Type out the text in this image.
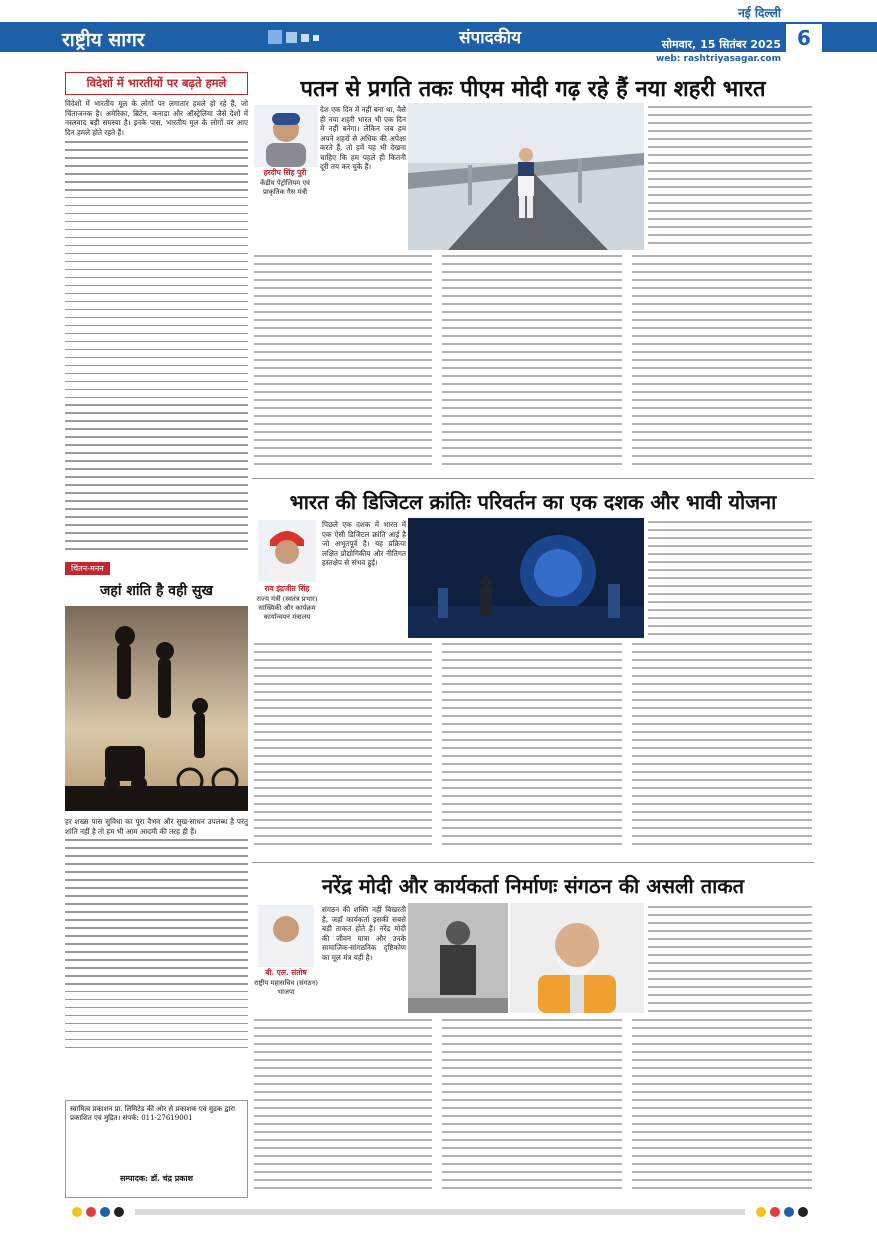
नई दिल्ली
राष्ट्रीय सागर	संपादकीय	सोमवार, 15 सितंबर 2025 6
web: rashtriyasagar.com
विदेशों में भारतीयों पर बढ़ते हमले
विदेशों में भारतीय मूल के लोगों पर लगातार हमले हो रहे हैं, जो चिंताजनक है। अमेरिका, ब्रिटेन, कनाडा और ऑस्ट्रेलिया जैसे देशों में नस्लवाद बड़ी समस्या है। इनके पास, भारतीय मूल के लोगों पर आए दिन हमले होते रहते हैं।
चिंतन-मनन
जहां शांति है वही सुख
हर शख्स पास सुविधा का पूरा वैभव और सुख-साधन उपलब्ध है परंतु शांति नहीं है तो हम भी आम आदमी की तरह ही हैं।
स्वामित्व प्रकाशन प्रा. लिमिटेड की ओर से प्रकाशक एवं मुद्रक द्वारा प्रकाशित एवं मुद्रित। संपर्क: 011-27619001
सम्पादक: डॉ. चंद्र प्रकाश
पतन से प्रगति तकः पीएम मोदी गढ़ रहे हैं नया शहरी भारत
हरदीप सिंह पुरी
केंद्रीय पेट्रोलियम एवं प्राकृतिक गैस मंत्री
देश एक दिन में नहीं बना था, वैसे ही नया शहरी भारत भी एक दिन में नहीं बनेगा। लेकिन जब हम अपने शहरों से अधिक की अपेक्षा करते हैं, तो हमें यह भी देखना चाहिए कि हम पहले ही कितनी दूरी तय कर चुके हैं।
भारत की डिजिटल क्रांतिः परिवर्तन का एक दशक और भावी योजना
राव इंद्रजीत सिंह
राज्य मंत्री (स्वतंत्र प्रभार) सांख्यिकी और कार्यक्रम कार्यान्वयन मंत्रालय
पिछले एक दशक में भारत में एक ऐसी डिजिटल क्रांति आई है जो अभूतपूर्व है। यह प्रक्रिया लक्षित प्रौद्योगिकीय और नीतिगत हस्तक्षेप से संभव हुई।
नरेंद्र मोदी और कार्यकर्ता निर्माणः संगठन की असली ताकत
बी. एल. संतोष
राष्ट्रीय महासचिव (संगठन) भाजपा
संगठन की शक्ति नहीं बिखरती है, जहाँ कार्यकर्ता इसकी सबसे बड़ी ताकत होते हैं। नरेंद्र मोदी की जीवन यात्रा और उनके सामाजिक-सांगठनिक दृष्टिकोण का मूल मंत्र यही है।
